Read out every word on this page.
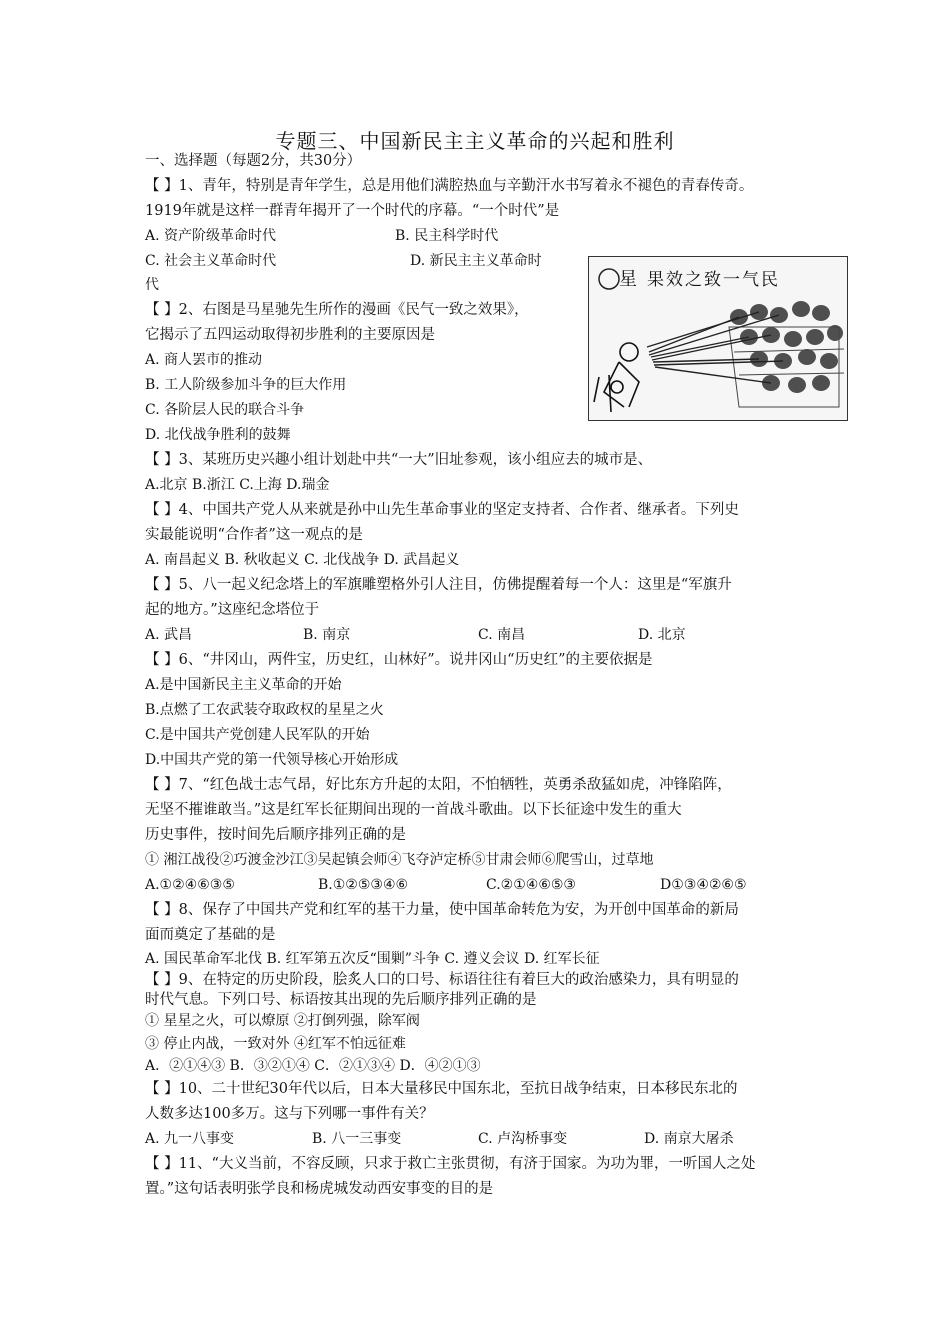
专题三、中国新民主主义革命的兴起和胜利
一、选择题（每题2分，共30分）
【 】1、青年，特别是青年学生，总是用他们满腔热血与辛勤汗水书写着永不褪色的青春传奇。
1919年就是这样一群青年揭开了一个时代的序幕。“一个时代”是
A. 资产阶级革命时代	B. 民主科学时代
C. 社会主义革命时代	D. 新民主主义革命时
代	星 果效之致一气民
【 】2、右图是马星驰先生所作的漫画《民气一致之效果》，
它揭示了五四运动取得初步胜利的主要原因是
A. 商人罢市的推动
B. 工人阶级参加斗争的巨大作用
C. 各阶层人民的联合斗争
D. 北伐战争胜利的鼓舞
【 】3、某班历史兴趣小组计划赴中共“一大”旧址参观，该小组应去的城市是、
A.北京 B.浙江 C.上海 D.瑞金
【 】4、中国共产党人从来就是孙中山先生革命事业的坚定支持者、合作者、继承者。下列史
实最能说明“合作者”这一观点的是
A. 南昌起义 B. 秋收起义 C. 北伐战争 D. 武昌起义
【 】5、八一起义纪念塔上的军旗雕塑格外引人注目，仿佛提醒着每一个人：这里是“军旗升
起的地方。”这座纪念塔位于
A. 武昌	B. 南京	C. 南昌	D. 北京
【 】6、“井冈山，两件宝，历史红，山林好”。说井冈山“历史红”的主要依据是
A.是中国新民主主义革命的开始
B.点燃了工农武装夺取政权的星星之火
C.是中国共产党创建人民军队的开始
D.中国共产党的第一代领导核心开始形成
【 】7、“红色战士志气昂，好比东方升起的太阳，不怕牺牲，英勇杀敌猛如虎，冲锋陷阵，
无坚不摧谁敢当。”这是红军长征期间出现的一首战斗歌曲。以下长征途中发生的重大
历史事件，按时间先后顺序排列正确的是
① 湘江战役②巧渡金沙江③吴起镇会师④飞夺泸定桥⑤甘肃会师⑥爬雪山，过草地
A.①②④⑥③⑤	B.①②⑤③④⑥	C.②①④⑥⑤③	D①③④②⑥⑤
【 】8、保存了中国共产党和红军的基干力量，使中国革命转危为安，为开创中国革命的新局
面而奠定了基础的是
A. 国民革命军北伐 B. 红军第五次反“围剿”斗争 C. 遵义会议 D. 红军长征
【 】9、在特定的历史阶段，脍炙人口的口号、标语往往有着巨大的政治感染力，具有明显的
时代气息。下列口号、标语按其出现的先后顺序排列正确的是
① 星星之火，可以燎原 ②打倒列强，除军阀
③ 停止内战，一致对外 ④红军不怕远征难
A．②①④③ B．③②①④ C．②①③④ D．④②①③
【 】10、二十世纪30年代以后，日本大量移民中国东北，至抗日战争结束，日本移民东北的
人数多达100多万。这与下列哪一事件有关？
A. 九一八事变	B. 八一三事变	C. 卢沟桥事变	D. 南京大屠杀
【 】11、“大义当前，不容反顾，只求于救亡主张贯彻，有济于国家。为功为罪，一听国人之处
置。”这句话表明张学良和杨虎城发动西安事变的目的是
